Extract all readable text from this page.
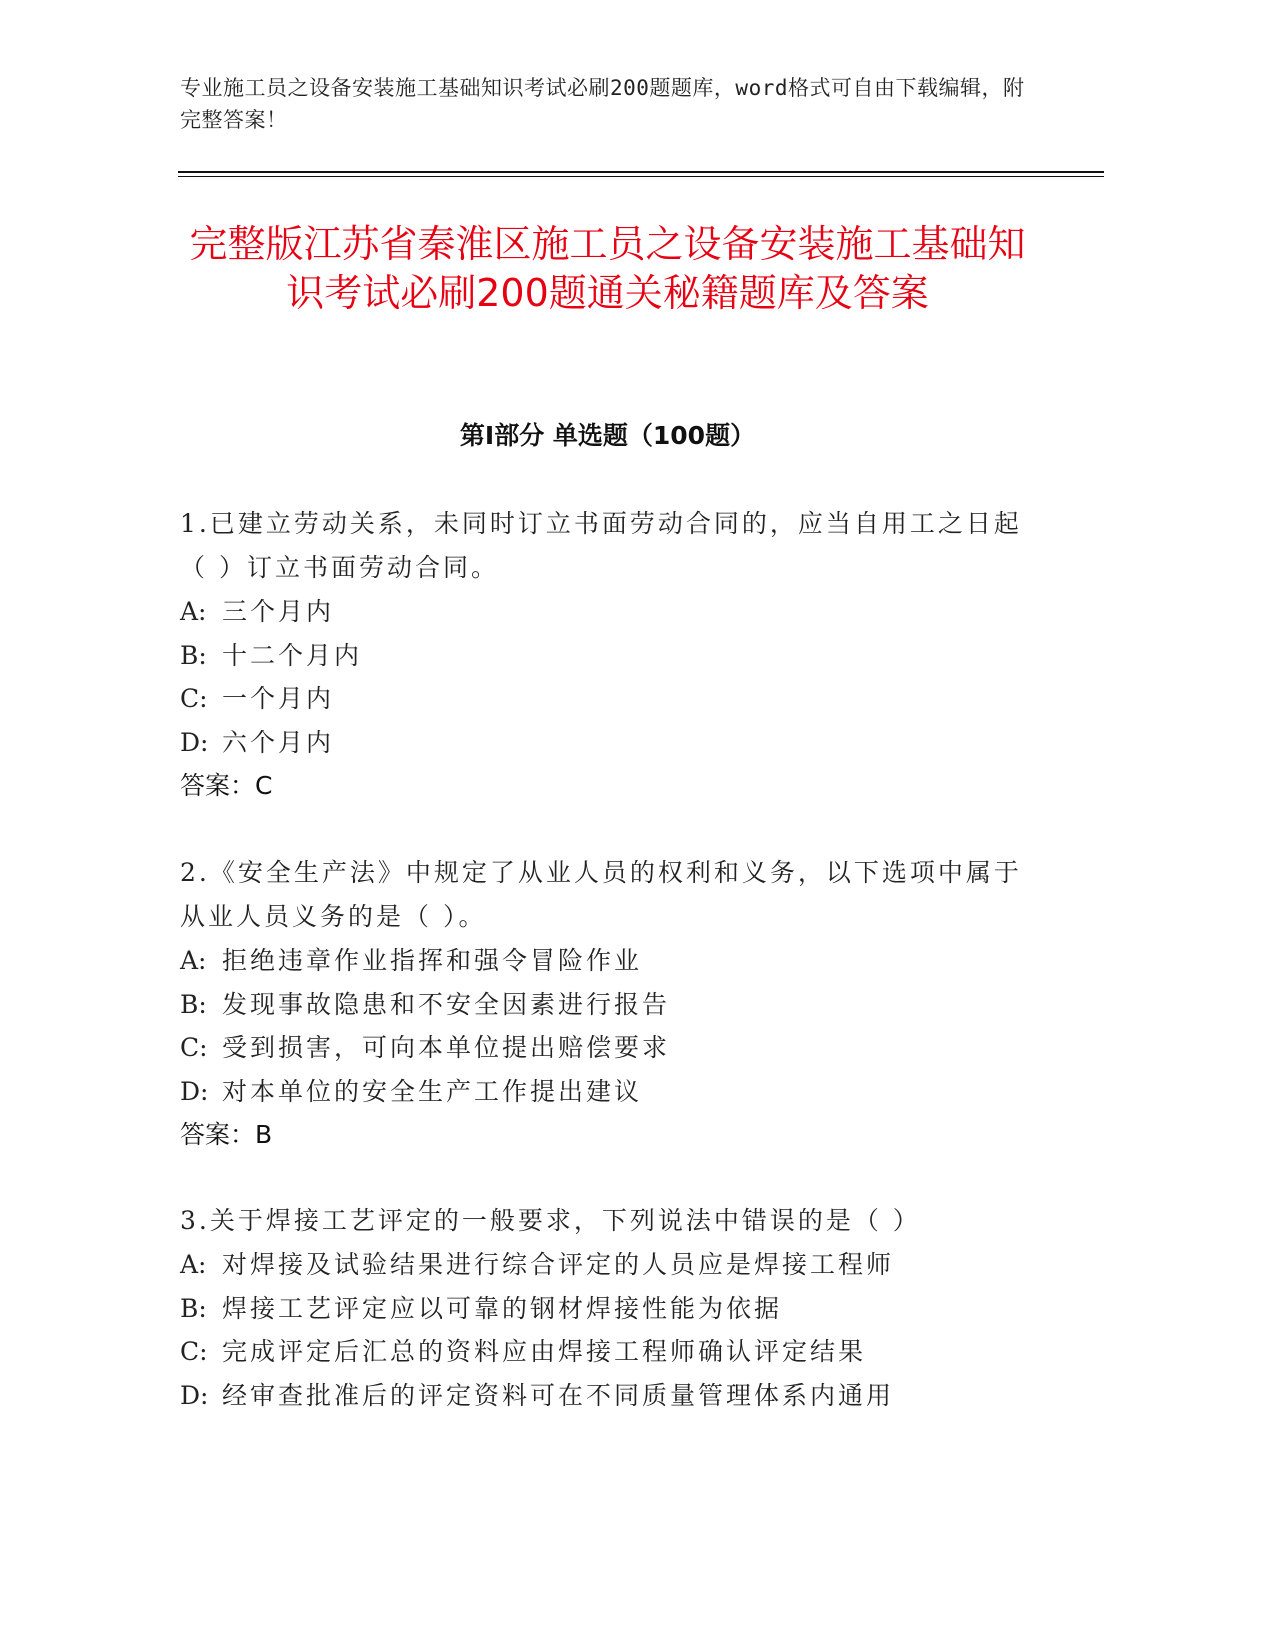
专业施工员之设备安装施工基础知识考试必刷200题题库，word格式可自由下载编辑，附完整答案！
完整版江苏省秦淮区施工员之设备安装施工基础知识考试必刷200题通关秘籍题库及答案
第Ⅰ部分 单选题（100题）

1.已建立劳动关系，未同时订立书面劳动合同的，应当自用工之日起（ ）订立书面劳动合同。

A: 三个月内

B: 十二个月内

C: 一个月内

D: 六个月内

答案：C

2.《安全生产法》中规定了从业人员的权利和义务，以下选项中属于从业人员义务的是（ ）。

A: 拒绝违章作业指挥和强令冒险作业

B: 发现事故隐患和不安全因素进行报告

C: 受到损害，可向本单位提出赔偿要求

D: 对本单位的安全生产工作提出建议

答案：B

3.关于焊接工艺评定的一般要求，下列说法中错误的是（ ）

A: 对焊接及试验结果进行综合评定的人员应是焊接工程师

B: 焊接工艺评定应以可靠的钢材焊接性能为依据

C: 完成评定后汇总的资料应由焊接工程师确认评定结果

D: 经审查批准后的评定资料可在不同质量管理体系内通用
